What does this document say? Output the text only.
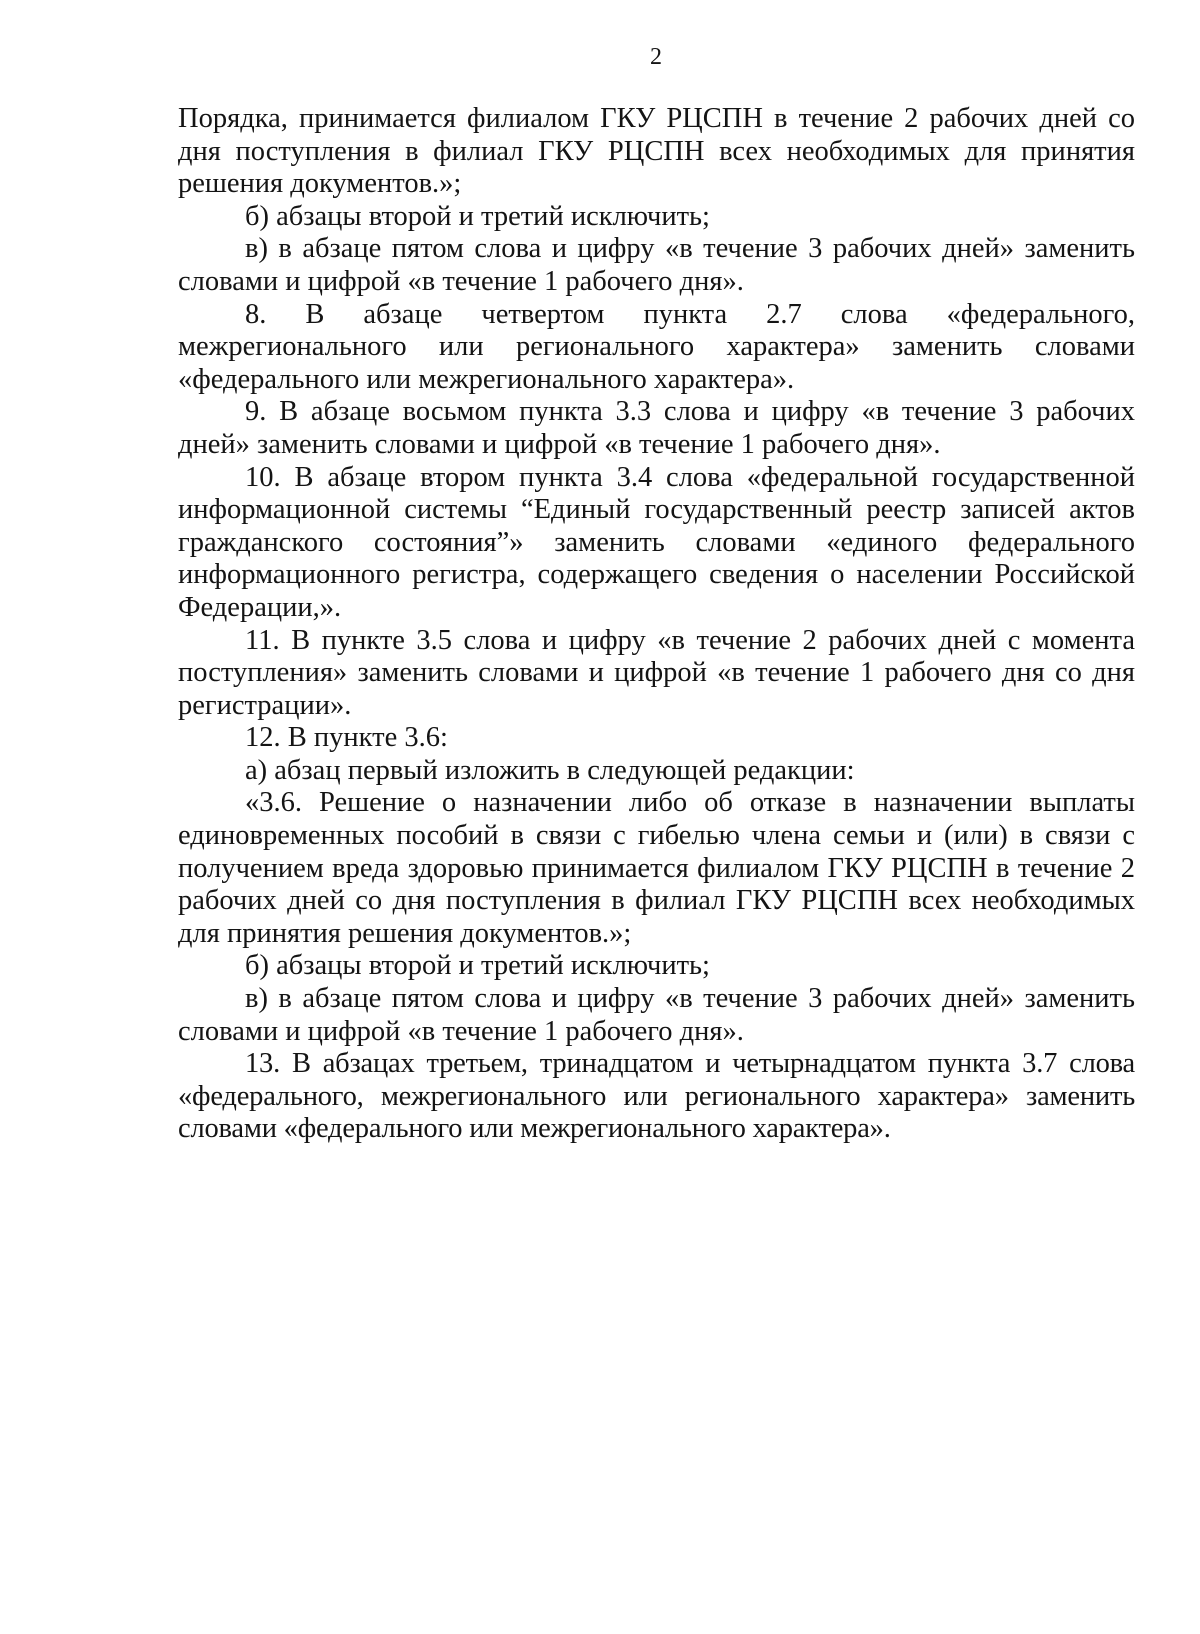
2

Порядка, принимается филиалом ГКУ РЦСПН в течение 2 рабочих дней со дня поступления в филиал ГКУ РЦСПН всех необходимых для принятия решения документов.»;

б) абзацы второй и третий исключить;

в) в абзаце пятом слова и цифру «в течение 3 рабочих дней» заменить словами и цифрой «в течение 1 рабочего дня».

8. В абзаце четвертом пункта 2.7 слова «федерального, межрегионального или регионального характера» заменить словами «федерального или межрегионального характера».

9. В абзаце восьмом пункта 3.3 слова и цифру «в течение 3 рабочих дней» заменить словами и цифрой «в течение 1 рабочего дня».

10. В абзаце втором пункта 3.4 слова «федеральной государственной информационной системы “Единый государственный реестр записей актов гражданского состояния”» заменить словами «единого федерального информационного регистра, содержащего сведения о населении Российской Федерации,».

11. В пункте 3.5 слова и цифру «в течение 2 рабочих дней с момента поступления» заменить словами и цифрой «в течение 1 рабочего дня со дня регистрации».

12. В пункте 3.6:

а) абзац первый изложить в следующей редакции:

«3.6. Решение о назначении либо об отказе в назначении выплаты единовременных пособий в связи с гибелью члена семьи и (или) в связи с получением вреда здоровью принимается филиалом ГКУ РЦСПН в течение 2 рабочих дней со дня поступления в филиал ГКУ РЦСПН всех необходимых для принятия решения документов.»;

б) абзацы второй и третий исключить;

в) в абзаце пятом слова и цифру «в течение 3 рабочих дней» заменить словами и цифрой «в течение 1 рабочего дня».

13. В абзацах третьем, тринадцатом и четырнадцатом пункта 3.7 слова «федерального, межрегионального или регионального характера» заменить словами «федерального или межрегионального характера».
